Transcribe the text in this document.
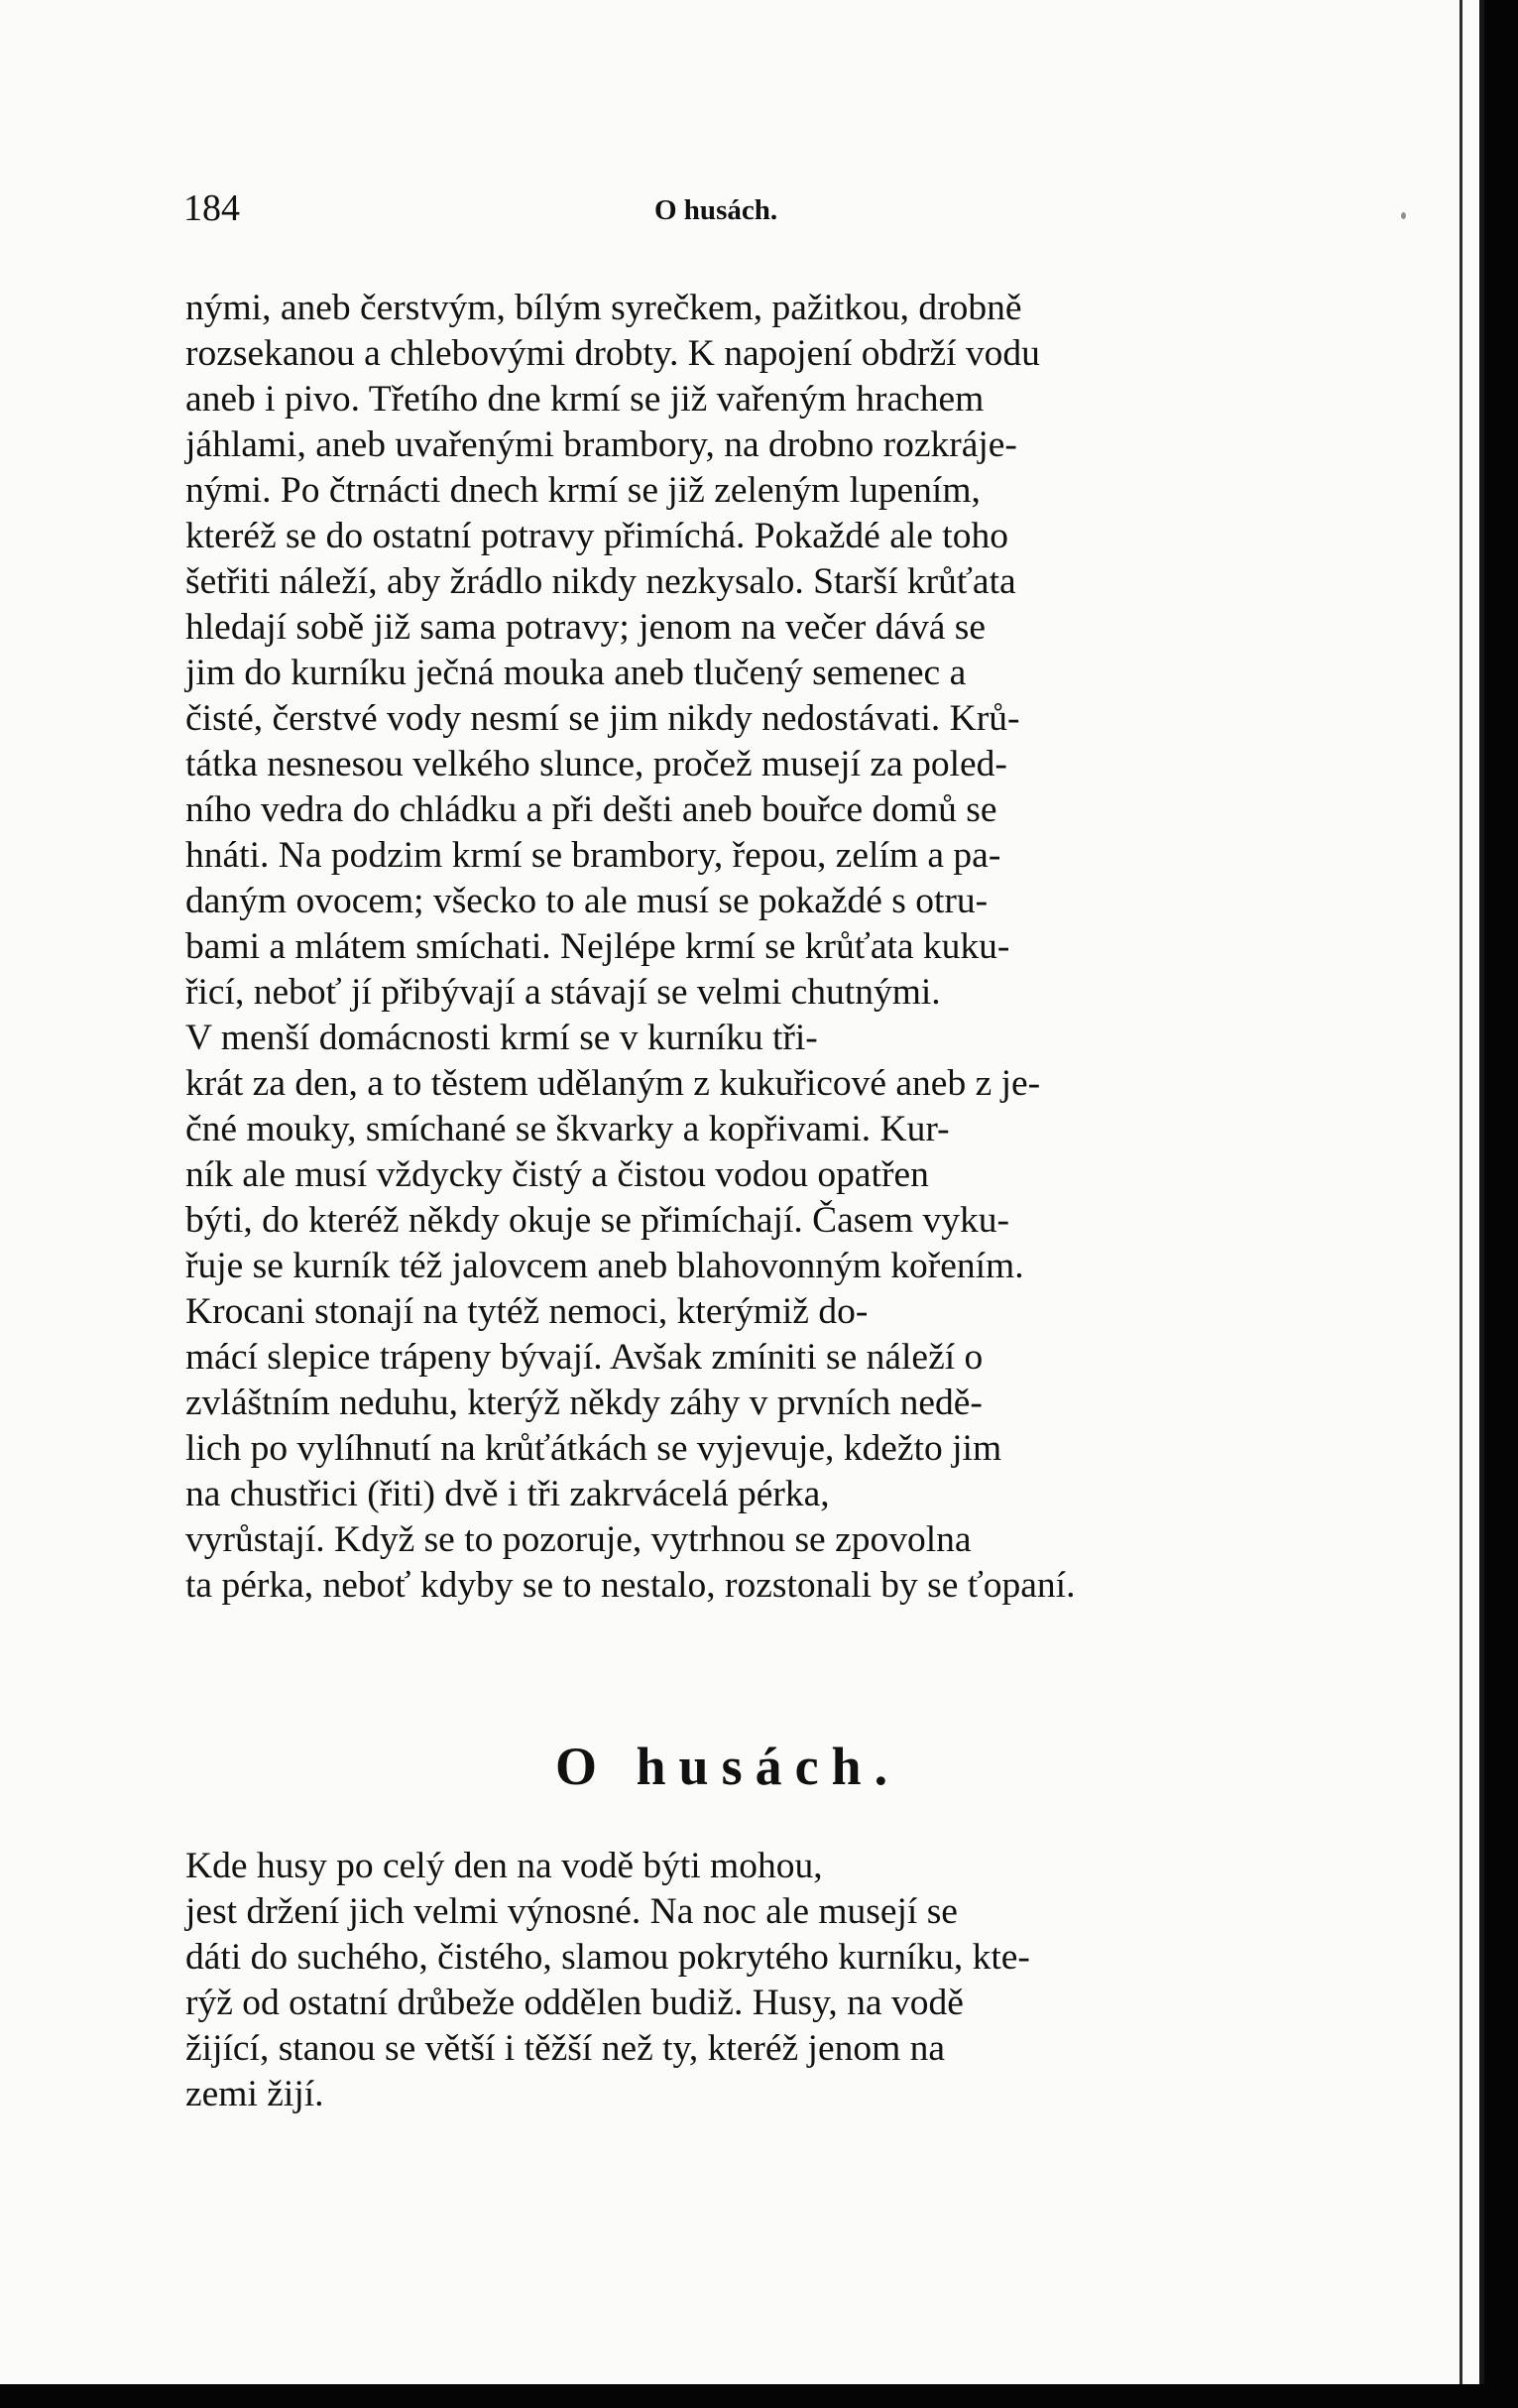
184	O husách.
nými, aneb čerstvým, bílým syrečkem, pažitkou, drobně
rozsekanou a chlebovými drobty. K napojení obdrží vodu
aneb i pivo. Třetího dne krmí se již vařeným hrachem
jáhlami, aneb uvařenými brambory, na drobno rozkráje-
nými. Po čtrnácti dnech krmí se již zeleným lupením,
kteréž se do ostatní potravy přimíchá. Pokaždé ale toho
šetřiti náleží, aby žrádlo nikdy nezkysalo. Starší krůťata
hledají sobě již sama potravy; jenom na večer dává se
jim do kurníku ječná mouka aneb tlučený semenec a
čisté, čerstvé vody nesmí se jim nikdy nedostávati. Krů-
tátka nesnesou velkého slunce, pročež musejí za poled-
ního vedra do chládku a při dešti aneb bouřce domů se
hnáti. Na podzim krmí se brambory, řepou, zelím a pa-
daným ovocem; všecko to ale musí se pokaždé s otru-
bami a mlátem smíchati. Nejlépe krmí se krůťata kuku-
řicí, neboť jí přibývají a stávají se velmi chutnými.
V menší domácnosti krmí se v kurníku tři-
krát za den, a to těstem udělaným z kukuřicové aneb z je-
čné mouky, smíchané se škvarky a kopřivami. Kur-
ník ale musí vždycky čistý a čistou vodou opatřen
býti, do kteréž někdy okuje se přimíchají. Časem vyku-
řuje se kurník též jalovcem aneb blahovonným kořením.
Krocani stonají na tytéž nemoci, kterýmiž do-
mácí slepice trápeny bývají. Avšak zmíniti se náleží o
zvláštním neduhu, kterýž někdy záhy v prvních nedě-
lich po vylíhnutí na krůťátkách se vyjevuje, kdežto jim
na chustřici (řiti) dvě i tři zakrvácelá pérka,
vyrůstají. Když se to pozoruje, vytrhnou se zpovolna
ta pérka, neboť kdyby se to nestalo, rozstonali by se ťopaní.
O husách.
Kde husy po celý den na vodě býti mohou,
jest držení jich velmi výnosné. Na noc ale musejí se
dáti do suchého, čistého, slamou pokrytého kurníku, kte-
rýž od ostatní drůbeže oddělen budiž. Husy, na vodě
žijící, stanou se větší i těžší než ty, kteréž jenom na
zemi žijí.
